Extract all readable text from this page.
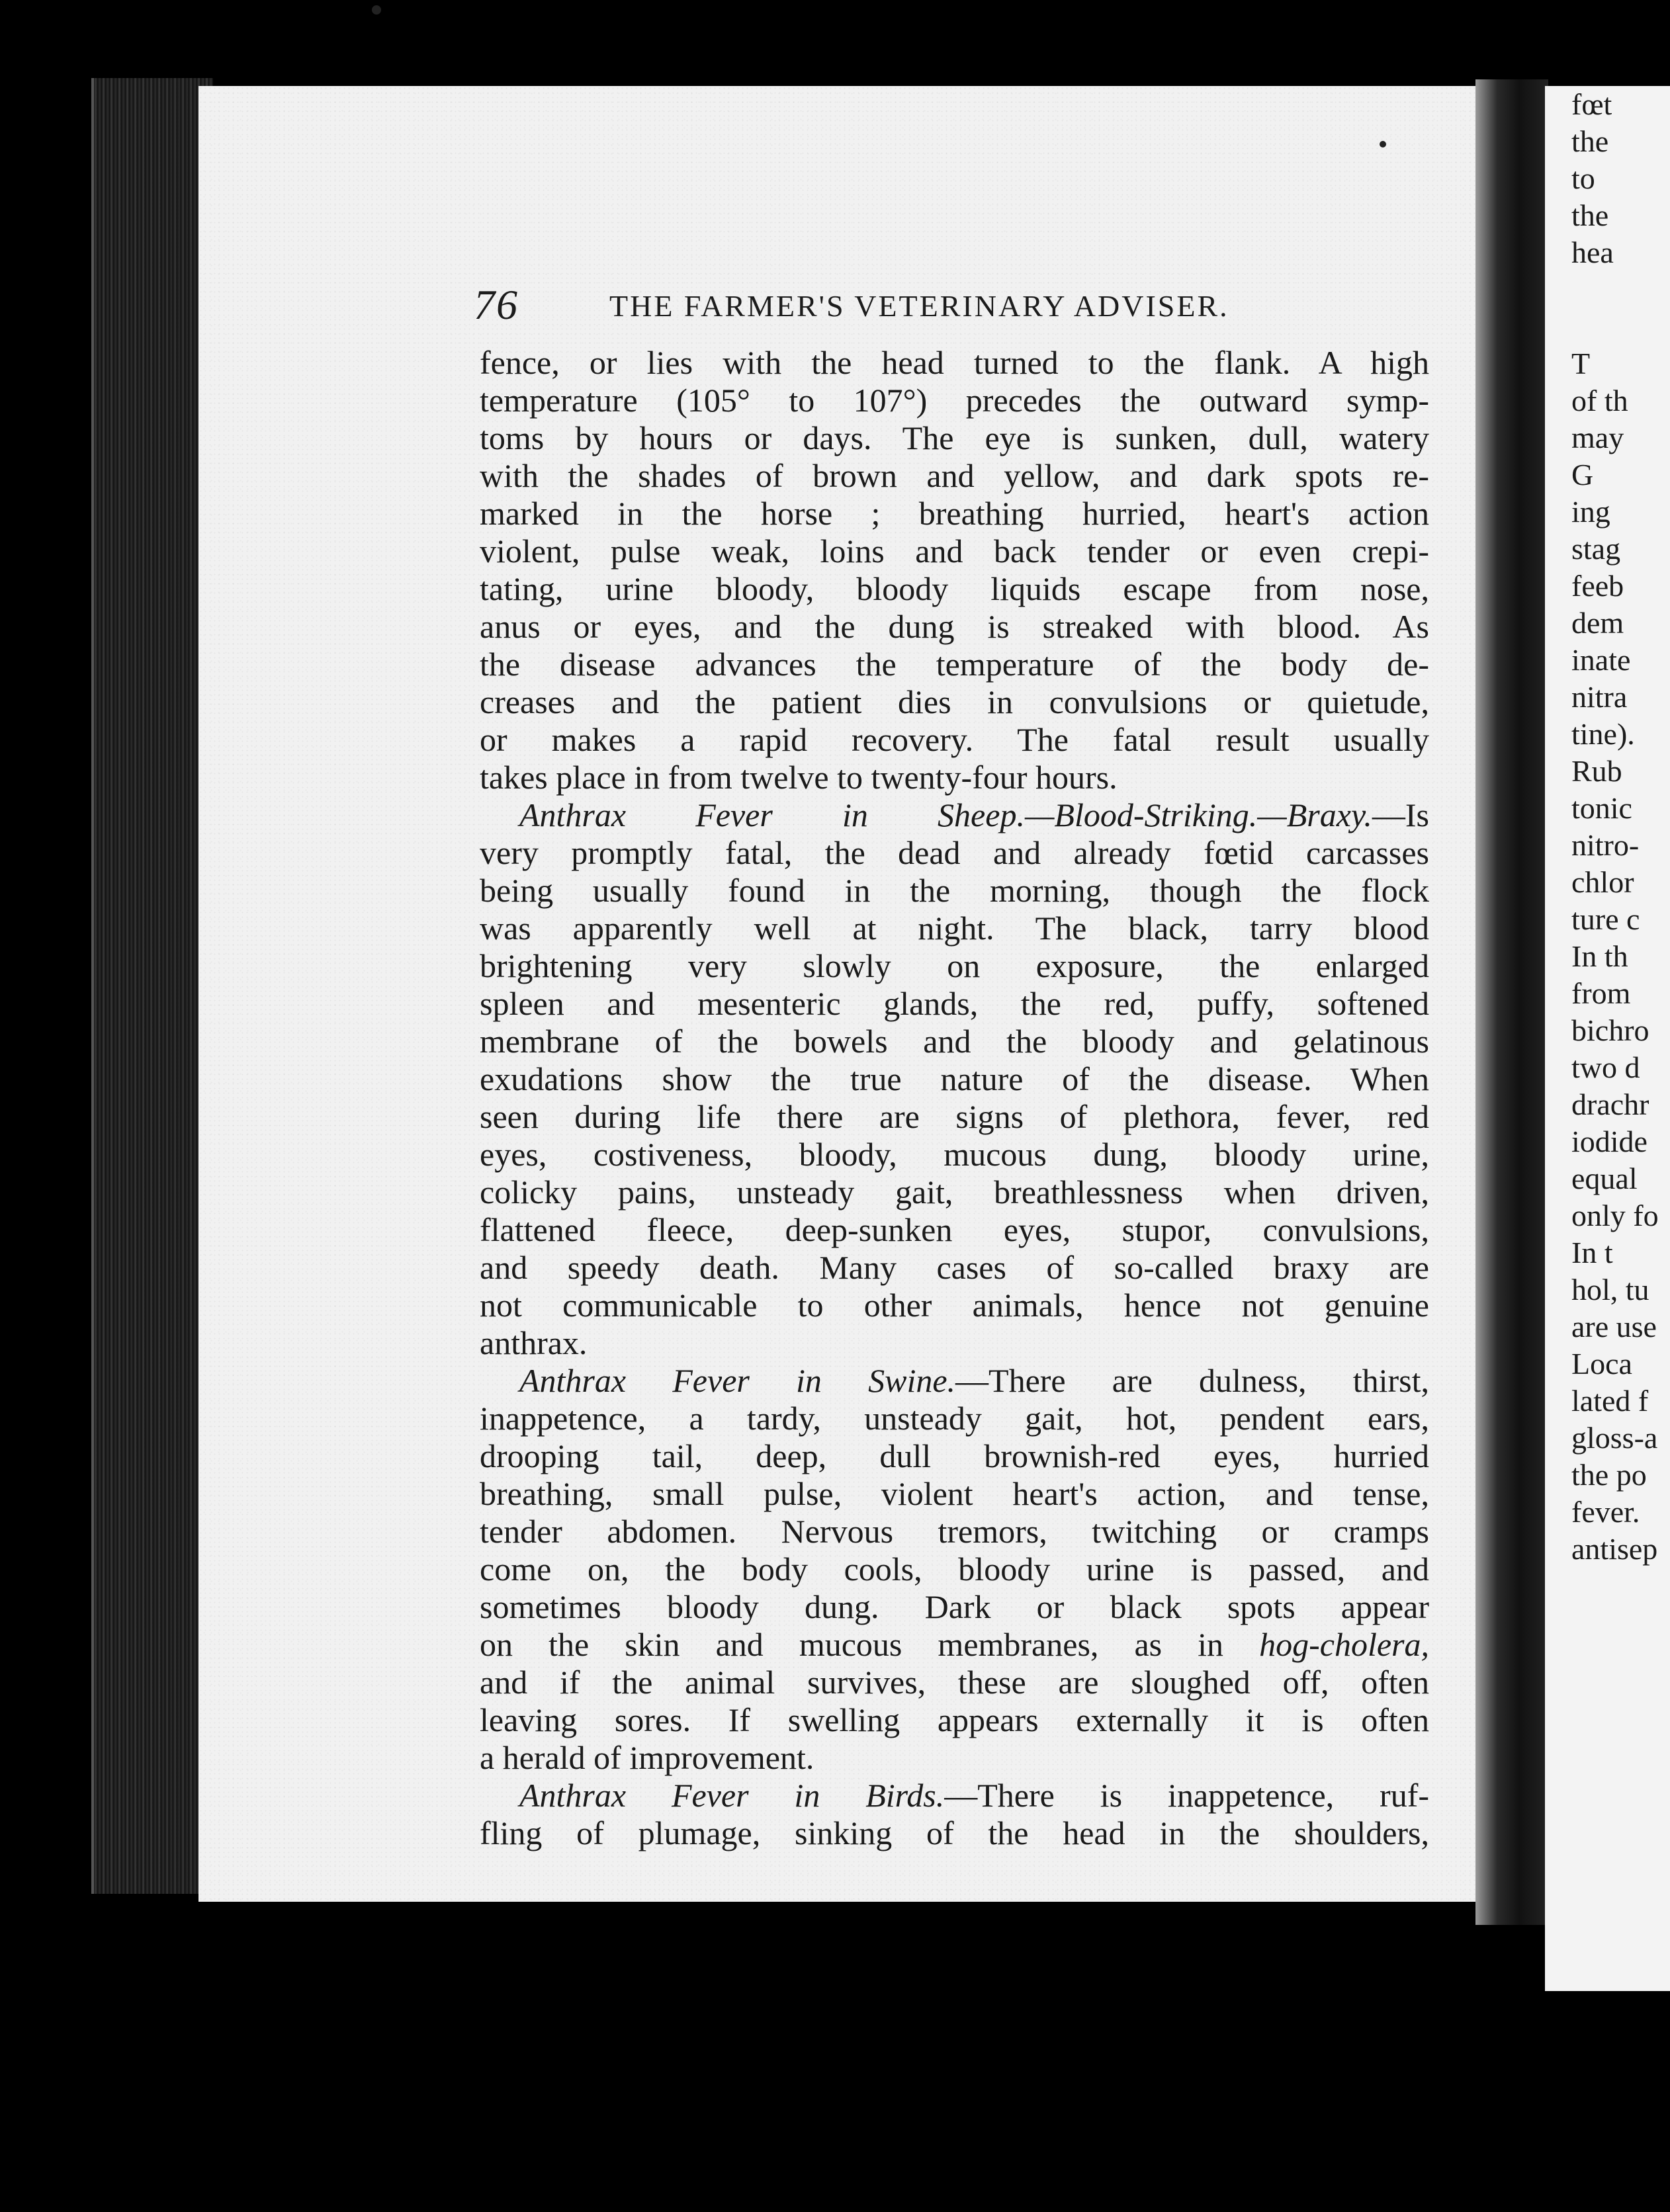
fœt
the
to
the
hea

T
of th
may
G
ing
stag
feeb
dem
inate
nitra
tine).
Rub
tonic
nitro-
chlor
ture c
In th
from
bichro
two d
drachr
iodide
equal
only fo
In t
hol, tu
are use
Loca
lated f
gloss-a
the po
fever.
antisep
76	THE FARMER'S VETERINARY ADVISER.
fence, or lies with the head turned to the flank. A high
temperature (105° to 107°) precedes the outward symp-
toms by hours or days. The eye is sunken, dull, watery
with the shades of brown and yellow, and dark spots re-
marked in the horse ; breathing hurried, heart's action
violent, pulse weak, loins and back tender or even crepi-
tating, urine bloody, bloody liquids escape from nose,
anus or eyes, and the dung is streaked with blood. As
the disease advances the temperature of the body de-
creases and the patient dies in convulsions or quietude,
or makes a rapid recovery. The fatal result usually
takes place in from twelve to twenty-four hours.
Anthrax Fever in Sheep.—Blood-Striking.—Braxy.—Is
very promptly fatal, the dead and already fœtid carcasses
being usually found in the morning, though the flock
was apparently well at night. The black, tarry blood
brightening very slowly on exposure, the enlarged
spleen and mesenteric glands, the red, puffy, softened
membrane of the bowels and the bloody and gelatinous
exudations show the true nature of the disease. When
seen during life there are signs of plethora, fever, red
eyes, costiveness, bloody, mucous dung, bloody urine,
colicky pains, unsteady gait, breathlessness when driven,
flattened fleece, deep-sunken eyes, stupor, convulsions,
and speedy death. Many cases of so-called braxy are
not communicable to other animals, hence not genuine
anthrax.
Anthrax Fever in Swine.—There are dulness, thirst,
inappetence, a tardy, unsteady gait, hot, pendent ears,
drooping tail, deep, dull brownish-red eyes, hurried
breathing, small pulse, violent heart's action, and tense,
tender abdomen. Nervous tremors, twitching or cramps
come on, the body cools, bloody urine is passed, and
sometimes bloody dung. Dark or black spots appear
on the skin and mucous membranes, as in hog-cholera,
and if the animal survives, these are sloughed off, often
leaving sores. If swelling appears externally it is often
a herald of improvement.
Anthrax Fever in Birds.—There is inappetence, ruf-
fling of plumage, sinking of the head in the shoulders,
